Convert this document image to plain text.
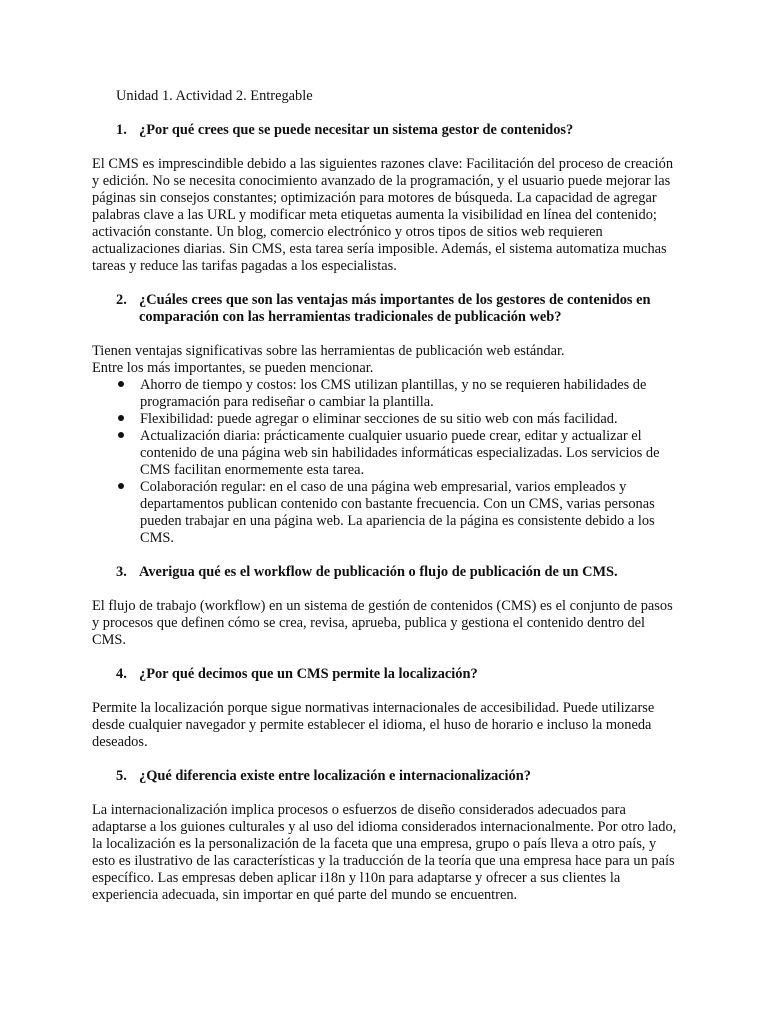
Unidad 1. Actividad 2. Entregable
1. ¿Por qué crees que se puede necesitar un sistema gestor de contenidos?

El CMS es imprescindible debido a las siguientes razones clave: Facilitación del proceso de creación y edición. No se necesita conocimiento avanzado de la programación, y el usuario puede mejorar las páginas sin consejos constantes; optimización para motores de búsqueda. La capacidad de agregar palabras clave a las URL y modificar meta etiquetas aumenta la visibilidad en línea del contenido; activación constante. Un blog, comercio electrónico y otros tipos de sitios web requieren actualizaciones diarias. Sin CMS, esta tarea sería imposible. Además, el sistema automatiza muchas tareas y reduce las tarifas pagadas a los especialistas.

2. ¿Cuáles crees que son las ventajas más importantes de los gestores de contenidos en comparación con las herramientas tradicionales de publicación web?

Tienen ventajas significativas sobre las herramientas de publicación web estándar.

Entre los más importantes, se pueden mencionar.

Ahorro de tiempo y costos: los CMS utilizan plantillas, y no se requieren habilidades de programación para rediseñar o cambiar la plantilla.
Flexibilidad: puede agregar o eliminar secciones de su sitio web con más facilidad.
Actualización diaria: prácticamente cualquier usuario puede crear, editar y actualizar el contenido de una página web sin habilidades informáticas especializadas. Los servicios de CMS facilitan enormemente esta tarea.
Colaboración regular: en el caso de una página web empresarial, varios empleados y departamentos publican contenido con bastante frecuencia. Con un CMS, varias personas pueden trabajar en una página web. La apariencia de la página es consistente debido a los CMS.
3. Averigua qué es el workflow de publicación o flujo de publicación de un CMS.

El flujo de trabajo (workflow) en un sistema de gestión de contenidos (CMS) es el conjunto de pasos y procesos que definen cómo se crea, revisa, aprueba, publica y gestiona el contenido dentro del CMS.

4. ¿Por qué decimos que un CMS permite la localización?

Permite la localización porque sigue normativas internacionales de accesibilidad. Puede utilizarse desde cualquier navegador y permite establecer el idioma, el huso de horario e incluso la moneda deseados.

5. ¿Qué diferencia existe entre localización e internacionalización?

La internacionalización implica procesos o esfuerzos de diseño considerados adecuados para adaptarse a los guiones culturales y al uso del idioma considerados internacionalmente. Por otro lado, la localización es la personalización de la faceta que una empresa, grupo o país lleva a otro país, y esto es ilustrativo de las características y la traducción de la teoría que una empresa hace para un país específico. Las empresas deben aplicar i18n y l10n para adaptarse y ofrecer a sus clientes la experiencia adecuada, sin importar en qué parte del mundo se encuentren.
